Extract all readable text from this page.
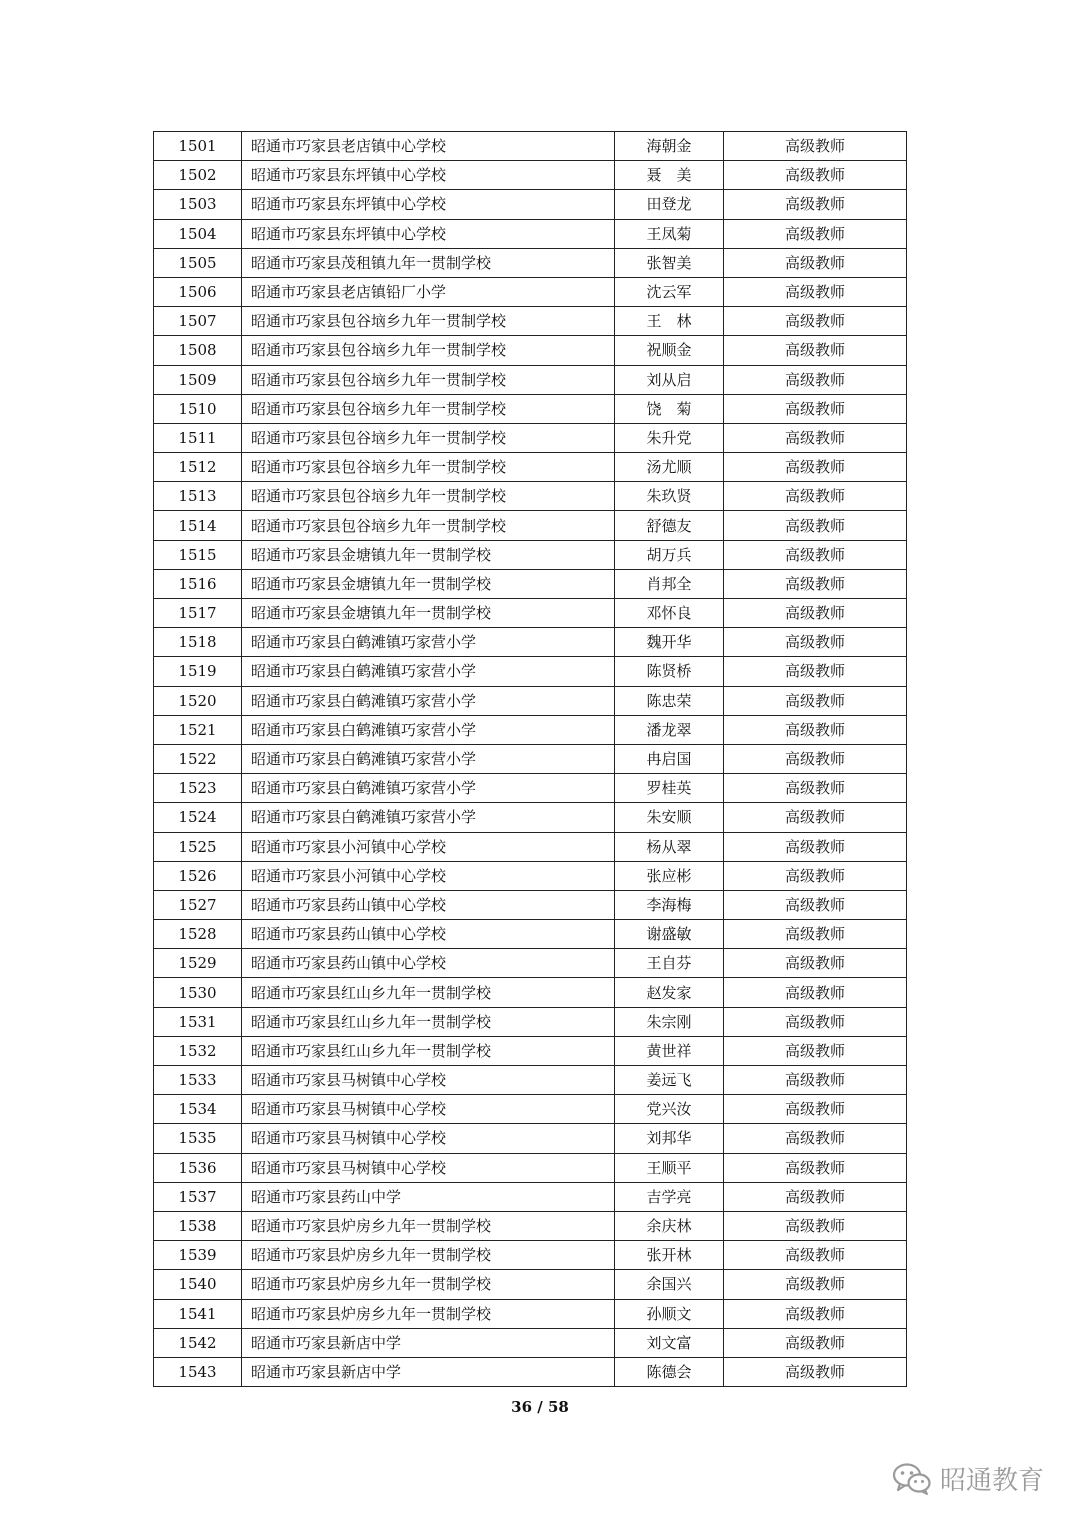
1501	昭通市巧家县老店镇中心学校	海朝金	高级教师
1502	昭通市巧家县东坪镇中心学校	聂　美	高级教师
1503	昭通市巧家县东坪镇中心学校	田登龙	高级教师
1504	昭通市巧家县东坪镇中心学校	王凤菊	高级教师
1505	昭通市巧家县茂租镇九年一贯制学校	张智美	高级教师
1506	昭通市巧家县老店镇铅厂小学	沈云军	高级教师
1507	昭通市巧家县包谷垴乡九年一贯制学校	王　林	高级教师
1508	昭通市巧家县包谷垴乡九年一贯制学校	祝顺金	高级教师
1509	昭通市巧家县包谷垴乡九年一贯制学校	刘从启	高级教师
1510	昭通市巧家县包谷垴乡九年一贯制学校	饶　菊	高级教师
1511	昭通市巧家县包谷垴乡九年一贯制学校	朱升党	高级教师
1512	昭通市巧家县包谷垴乡九年一贯制学校	汤尤顺	高级教师
1513	昭通市巧家县包谷垴乡九年一贯制学校	朱玖贤	高级教师
1514	昭通市巧家县包谷垴乡九年一贯制学校	舒德友	高级教师
1515	昭通市巧家县金塘镇九年一贯制学校	胡万兵	高级教师
1516	昭通市巧家县金塘镇九年一贯制学校	肖邦全	高级教师
1517	昭通市巧家县金塘镇九年一贯制学校	邓怀良	高级教师
1518	昭通市巧家县白鹤滩镇巧家营小学	魏开华	高级教师
1519	昭通市巧家县白鹤滩镇巧家营小学	陈贤桥	高级教师
1520	昭通市巧家县白鹤滩镇巧家营小学	陈忠荣	高级教师
1521	昭通市巧家县白鹤滩镇巧家营小学	潘龙翠	高级教师
1522	昭通市巧家县白鹤滩镇巧家营小学	冉启国	高级教师
1523	昭通市巧家县白鹤滩镇巧家营小学	罗桂英	高级教师
1524	昭通市巧家县白鹤滩镇巧家营小学	朱安顺	高级教师
1525	昭通市巧家县小河镇中心学校	杨从翠	高级教师
1526	昭通市巧家县小河镇中心学校	张应彬	高级教师
1527	昭通市巧家县药山镇中心学校	李海梅	高级教师
1528	昭通市巧家县药山镇中心学校	谢盛敏	高级教师
1529	昭通市巧家县药山镇中心学校	王自芬	高级教师
1530	昭通市巧家县红山乡九年一贯制学校	赵发家	高级教师
1531	昭通市巧家县红山乡九年一贯制学校	朱宗刚	高级教师
1532	昭通市巧家县红山乡九年一贯制学校	黄世祥	高级教师
1533	昭通市巧家县马树镇中心学校	姜远飞	高级教师
1534	昭通市巧家县马树镇中心学校	党兴汝	高级教师
1535	昭通市巧家县马树镇中心学校	刘邦华	高级教师
1536	昭通市巧家县马树镇中心学校	王顺平	高级教师
1537	昭通市巧家县药山中学	吉学亮	高级教师
1538	昭通市巧家县炉房乡九年一贯制学校	余庆林	高级教师
1539	昭通市巧家县炉房乡九年一贯制学校	张开林	高级教师
1540	昭通市巧家县炉房乡九年一贯制学校	余国兴	高级教师
1541	昭通市巧家县炉房乡九年一贯制学校	孙顺文	高级教师
1542	昭通市巧家县新店中学	刘文富	高级教师
1543	昭通市巧家县新店中学	陈德会	高级教师
36 / 58
昭通教育
